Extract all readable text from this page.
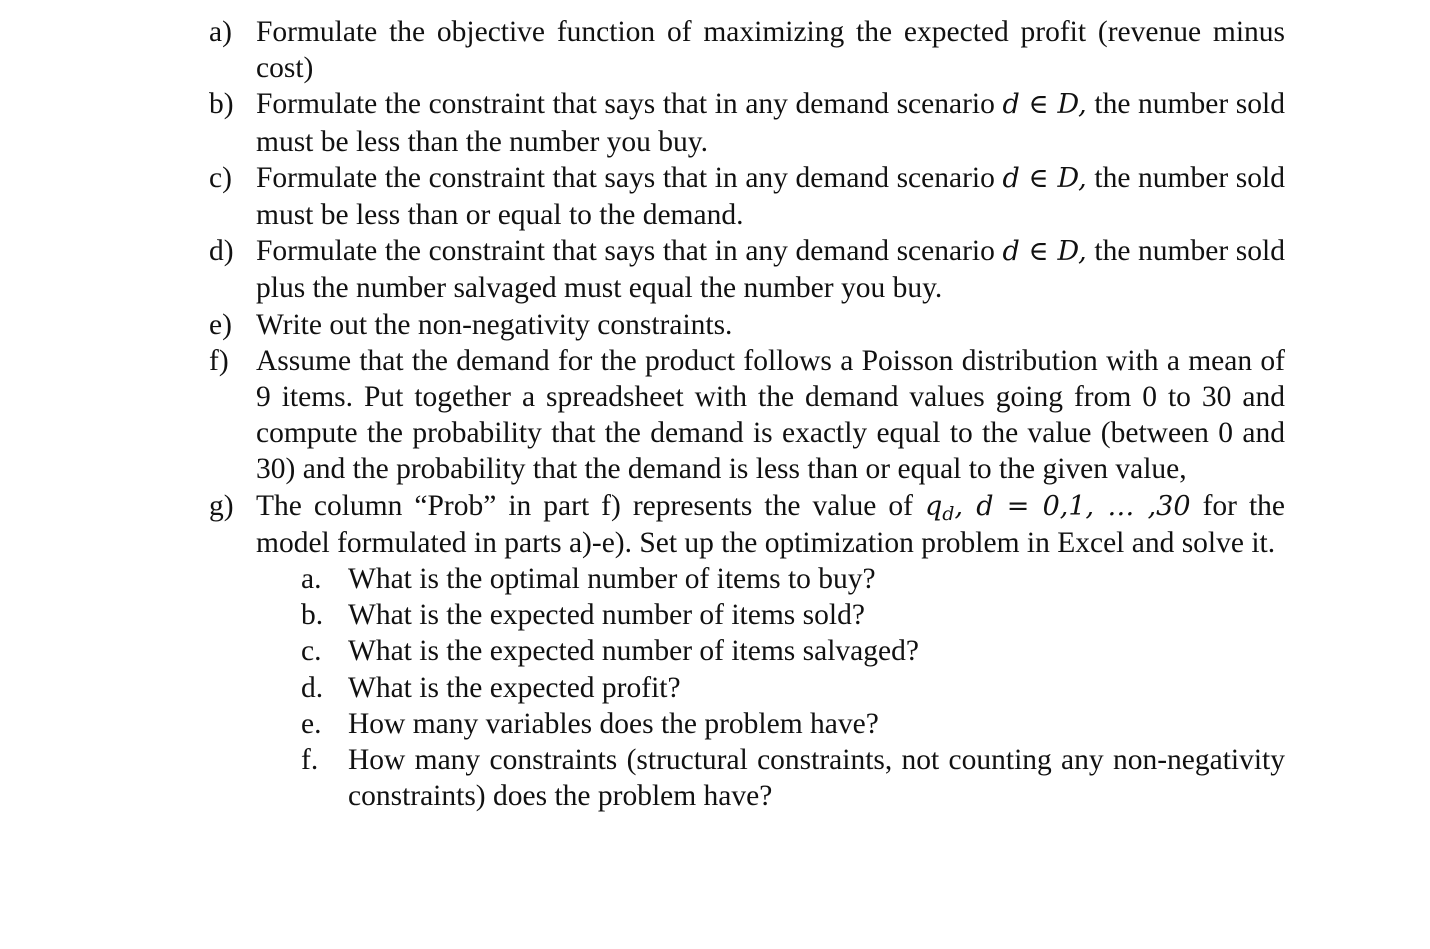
a) Formulate the objective function of maximizing the expected profit (revenue minus cost)
b) Formulate the constraint that says that in any demand scenario d ∈ D, the number sold must be less than the number you buy.
c) Formulate the constraint that says that in any demand scenario d ∈ D, the number sold must be less than or equal to the demand.
d) Formulate the constraint that says that in any demand scenario d ∈ D, the number sold plus the number salvaged must equal the number you buy.
e) Write out the non-negativity constraints.
f) Assume that the demand for the product follows a Poisson distribution with a mean of 9 items. Put together a spreadsheet with the demand values going from 0 to 30 and compute the probability that the demand is exactly equal to the value (between 0 and 30) and the probability that the demand is less than or equal to the given value,
g) The column “Prob” in part f) represents the value of $q_d$, d = 0,1, … ,30 for the model formulated in parts a)-e). Set up the optimization problem in Excel and solve it.
a. What is the optimal number of items to buy?
b. What is the expected number of items sold?
c. What is the expected number of items salvaged?
d. What is the expected profit?
e. How many variables does the problem have?
f. How many constraints (structural constraints, not counting any non-negativity constraints) does the problem have?
